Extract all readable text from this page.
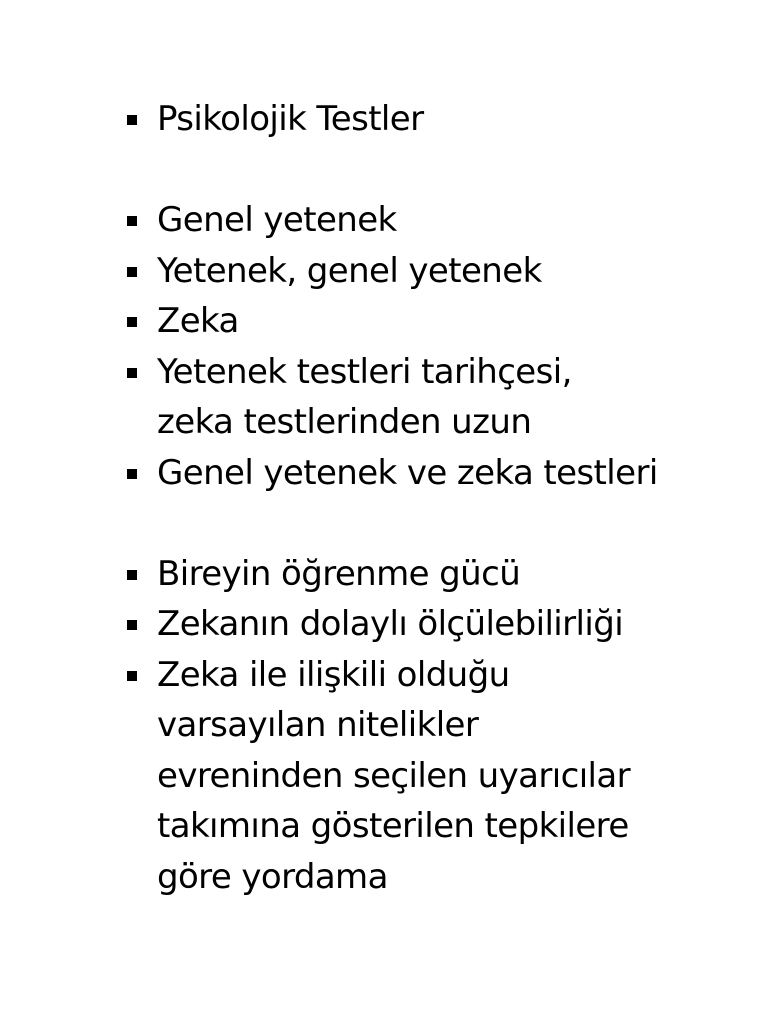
Psikolojik Testler
Genel yetenek
Yetenek, genel yetenek
Zeka
Yetenek testleri tarihçesi,
zeka testlerinden uzun
Genel yetenek ve zeka testleri
Bireyin öğrenme gücü
Zekanın dolaylı ölçülebilirliği
Zeka ile ilişkili olduğu
varsayılan nitelikler
evreninden seçilen uyarıcılar
takımına gösterilen tepkilere
göre yordama
